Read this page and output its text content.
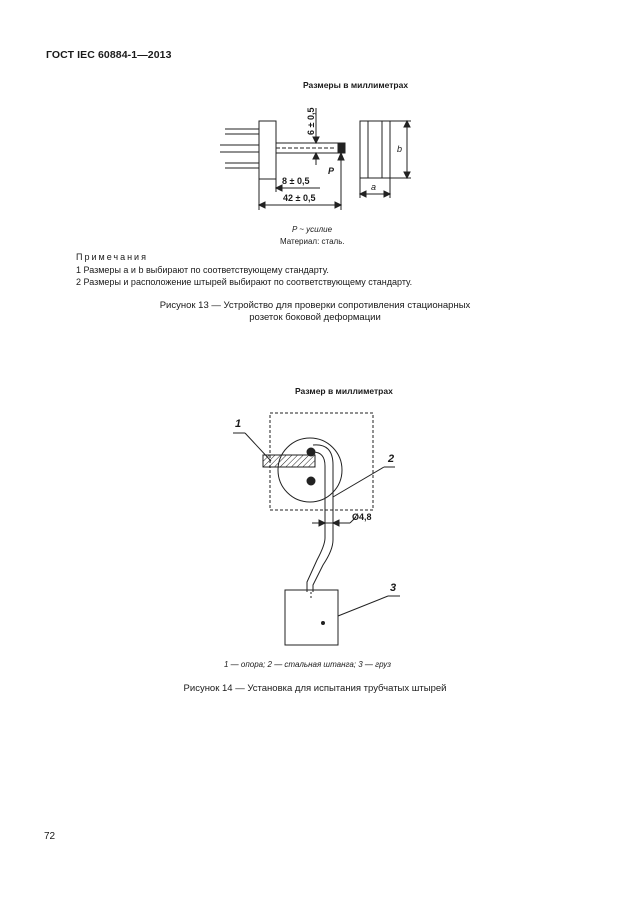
ГОСТ IEC 60884-1—2013
Размеры в миллиметрах
6 ± 0,5
8 ± 0,5
42 ± 0,5
P
b
a
P ~ усилие
Материал: сталь.
Примечания
1 Размеры a и b выбирают по соответствующему стандарту.
2 Размеры и расположение штырей выбирают по соответствующему стандарту.
Рисунок 13 — Устройство для проверки сопротивления стационарных
розеток боковой деформации
Размер в миллиметрах
1
2
3
Ø4,8
1 — опора; 2 — стальная штанга; 3 — груз
Рисунок 14 — Установка для испытания трубчатых штырей
72
